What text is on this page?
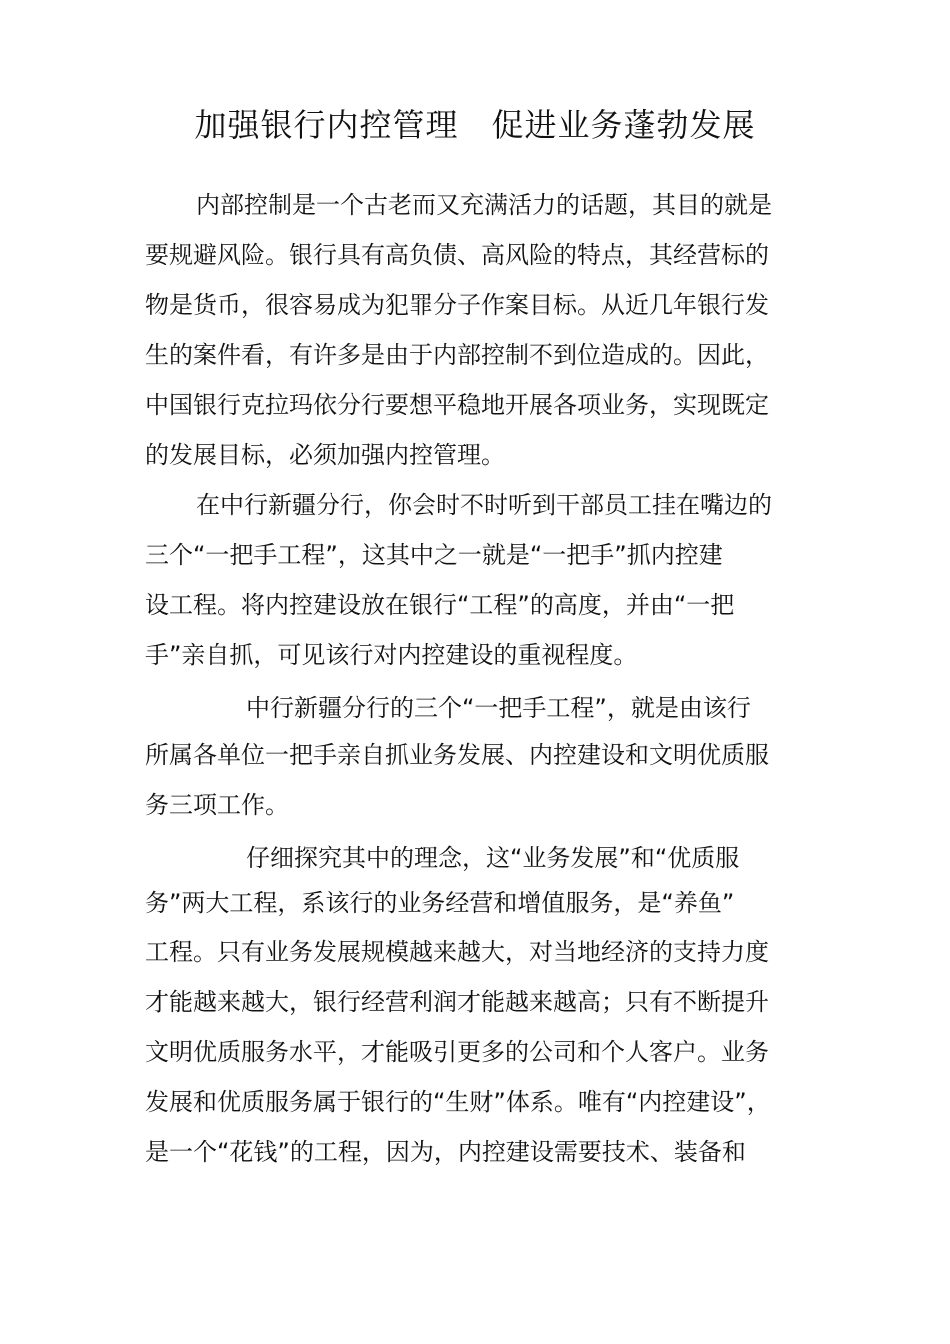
加强银行内控管理　促进业务蓬勃发展

内部控制是一个古老而又充满活力的话题，其目的就是

要规避风险。银行具有高负债、高风险的特点，其经营标的

物是货币，很容易成为犯罪分子作案目标。从近几年银行发

生的案件看，有许多是由于内部控制不到位造成的。因此，

中国银行克拉玛依分行要想平稳地开展各项业务，实现既定

的发展目标，必须加强内控管理。

在中行新疆分行，你会时不时听到干部员工挂在嘴边的

三个“一把手工程”，这其中之一就是“一把手”抓内控建

设工程。将内控建设放在银行“工程”的高度，并由“一把

手”亲自抓，可见该行对内控建设的重视程度。

中行新疆分行的三个“一把手工程”，就是由该行

所属各单位一把手亲自抓业务发展、内控建设和文明优质服

务三项工作。

仔细探究其中的理念，这“业务发展”和“优质服

务”两大工程，系该行的业务经营和增值服务，是“养鱼”

工程。只有业务发展规模越来越大，对当地经济的支持力度

才能越来越大，银行经营利润才能越来越高；只有不断提升

文明优质服务水平，才能吸引更多的公司和个人客户。业务

发展和优质服务属于银行的“生财”体系。唯有“内控建设”，

是一个“花钱”的工程，因为，内控建设需要技术、装备和
